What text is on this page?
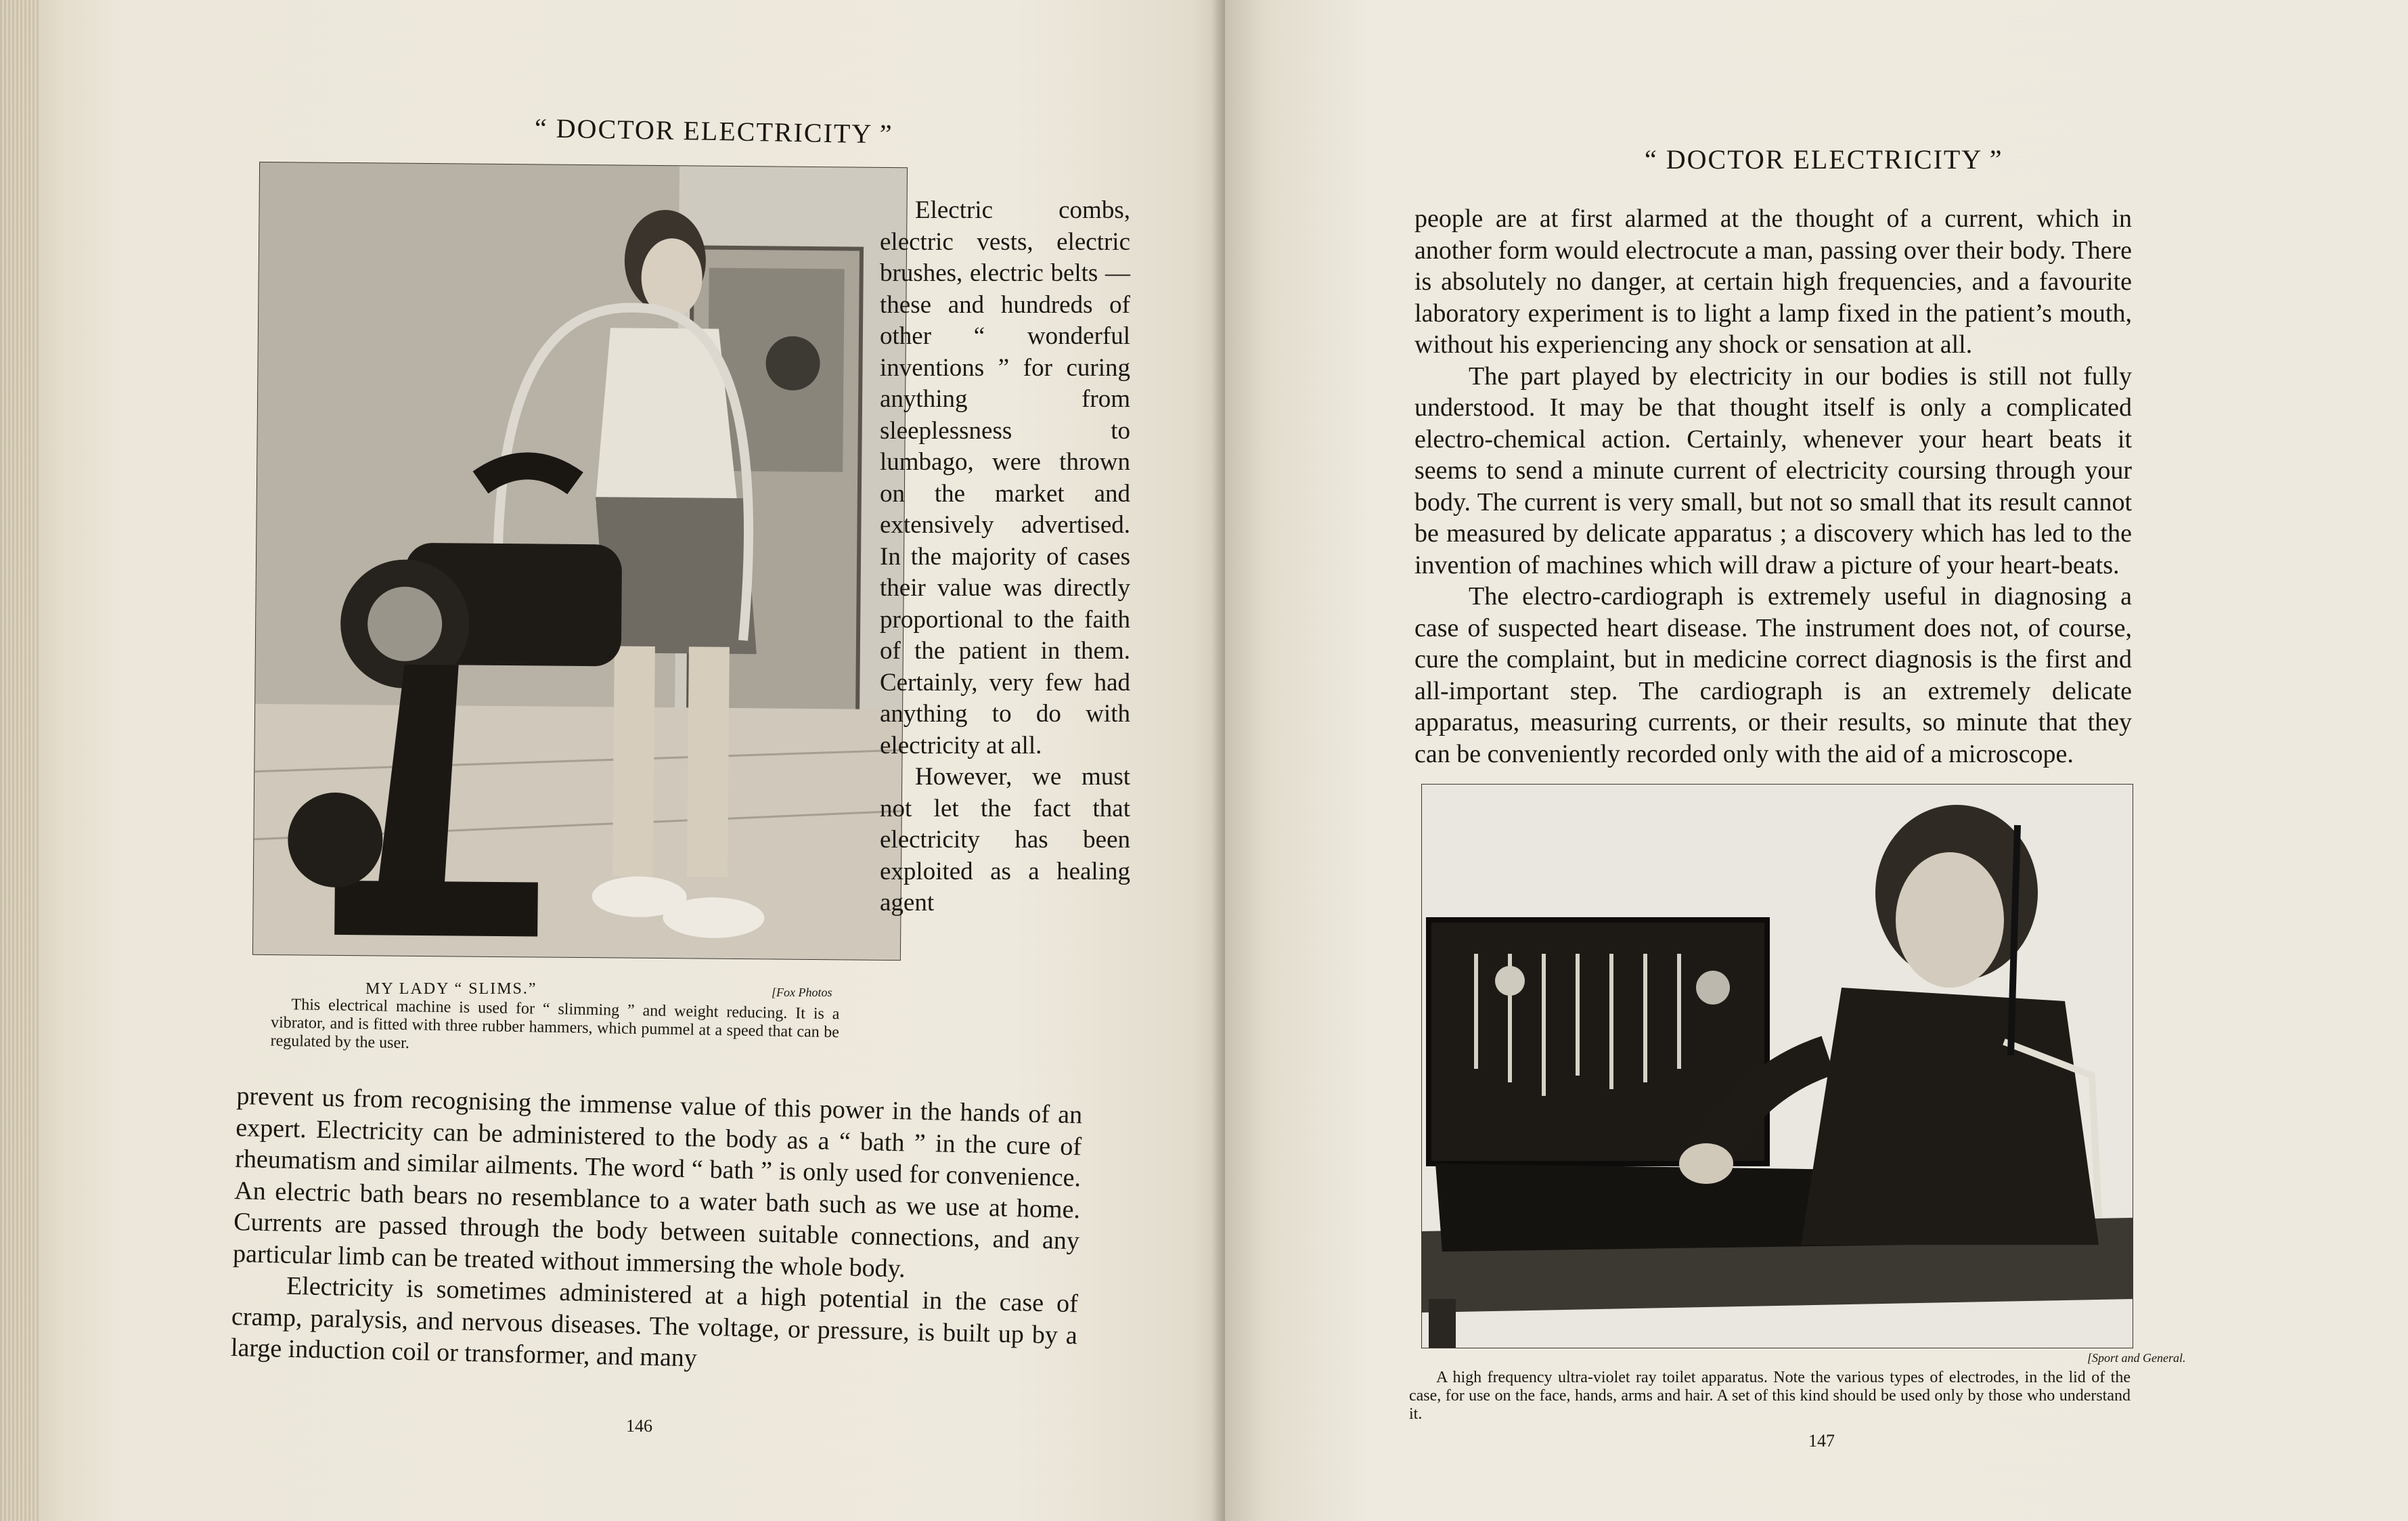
“ DOCTOR ELECTRICITY ”
MY LADY “ SLIMS.”	[Fox Photos
This electrical machine is used for “ slimming ” and weight reducing. It is a vibrator, and is fitted with three rubber hammers, which pummel at a speed that can be regulated by the user.

Electric combs, electric vests, electric brushes, electric belts — these and hundreds of other “ wonderful inventions ” for curing anything from sleeplessness to lumbago, were thrown on the market and extensively advertised. In the majority of cases their value was directly proportional to the faith of the patient in them. Certainly, very few had anything to do with electricity at all.

However, we must not let the fact that electricity has been exploited as a healing agent

prevent us from recognising the immense value of this power in the hands of an expert. Electricity can be administered to the body as a “ bath ” in the cure of rheumatism and similar ailments. The word “ bath ” is only used for convenience. An electric bath bears no resemblance to a water bath such as we use at home. Currents are passed through the body between suitable connections, and any particular limb can be treated without immersing the whole body.

Electricity is sometimes administered at a high potential in the case of cramp, paralysis, and nervous diseases. The voltage, or pressure, is built up by a large induction coil or transformer, and many

146
“ DOCTOR ELECTRICITY ”

people are at first alarmed at the thought of a current, which in another form would electrocute a man, passing over their body. There is absolutely no danger, at certain high frequencies, and a favourite laboratory experiment is to light a lamp fixed in the patient’s mouth, without his experiencing any shock or sensation at all.

The part played by electricity in our bodies is still not fully understood. It may be that thought itself is only a complicated electro-chemical action. Certainly, whenever your heart beats it seems to send a minute current of electricity coursing through your body. The current is very small, but not so small that its result cannot be measured by delicate apparatus ; a discovery which has led to the invention of machines which will draw a picture of your heart-beats.

The electro-cardiograph is extremely useful in diagnosing a case of suspected heart disease. The instrument does not, of course, cure the complaint, but in medicine correct diagnosis is the first and all-important step. The cardiograph is an extremely delicate apparatus, measuring currents, or their results, so minute that they can be conveniently recorded only with the aid of a microscope.

[Sport and General.
A high frequency ultra-violet ray toilet apparatus. Note the various types of electrodes, in the lid of the case, for use on the face, hands, arms and hair. A set of this kind should be used only by those who understand it.
147
